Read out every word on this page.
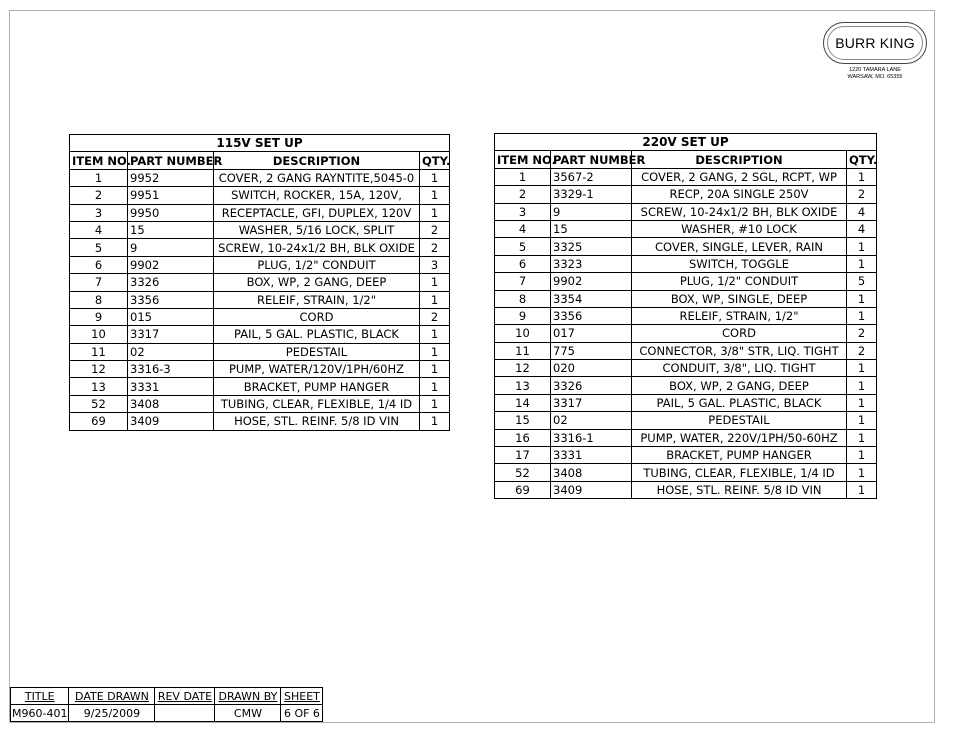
BURR KING
1220 TAMARA LANE
WARSAW, MO. 65355
115V SET UP			
ITEM NO.	PART NUMBER	DESCRIPTION	QTY.
1	9952	COVER, 2 GANG RAYNTITE,5045-0	1
2	9951	SWITCH, ROCKER, 15A, 120V,	1
3	9950	RECEPTACLE, GFI, DUPLEX, 120V	1
4	15	WASHER, 5/16 LOCK, SPLIT	2
5	9	SCREW, 10-24x1/2 BH, BLK OXIDE	2
6	9902	PLUG, 1/2" CONDUIT	3
7	3326	BOX, WP, 2 GANG, DEEP	1
8	3356	RELEIF, STRAIN, 1/2"	1
9	015	CORD	2
10	3317	PAIL, 5 GAL. PLASTIC, BLACK	1
11	02	PEDESTAIL	1
12	3316-3	PUMP, WATER/120V/1PH/60HZ	1
13	3331	BRACKET, PUMP HANGER	1
52	3408	TUBING, CLEAR, FLEXIBLE, 1/4 ID	1
69	3409	HOSE, STL. REINF. 5/8 ID VIN	1
220V SET UP			
ITEM NO.	PART NUMBER	DESCRIPTION	QTY.
1	3567-2	COVER, 2 GANG, 2 SGL, RCPT, WP	1
2	3329-1	RECP, 20A SINGLE 250V	2
3	9	SCREW, 10-24x1/2 BH, BLK OXIDE	4
4	15	WASHER, #10 LOCK	4
5	3325	COVER, SINGLE, LEVER, RAIN	1
6	3323	SWITCH, TOGGLE	1
7	9902	PLUG, 1/2" CONDUIT	5
8	3354	BOX, WP, SINGLE, DEEP	1
9	3356	RELEIF, STRAIN, 1/2"	1
10	017	CORD	2
11	775	CONNECTOR, 3/8" STR, LIQ. TIGHT	2
12	020	CONDUIT, 3/8", LIQ. TIGHT	1
13	3326	BOX, WP, 2 GANG, DEEP	1
14	3317	PAIL, 5 GAL. PLASTIC, BLACK	1
15	02	PEDESTAIL	1
16	3316-1	PUMP, WATER, 220V/1PH/50-60HZ	1
17	3331	BRACKET, PUMP HANGER	1
52	3408	TUBING, CLEAR, FLEXIBLE, 1/4 ID	1
69	3409	HOSE, STL. REINF. 5/8 ID VIN	1
TITLE	DATE DRAWN	REV DATE	DRAWN BY	SHEET
M960-401	9/25/2009		CMW	6 OF 6
